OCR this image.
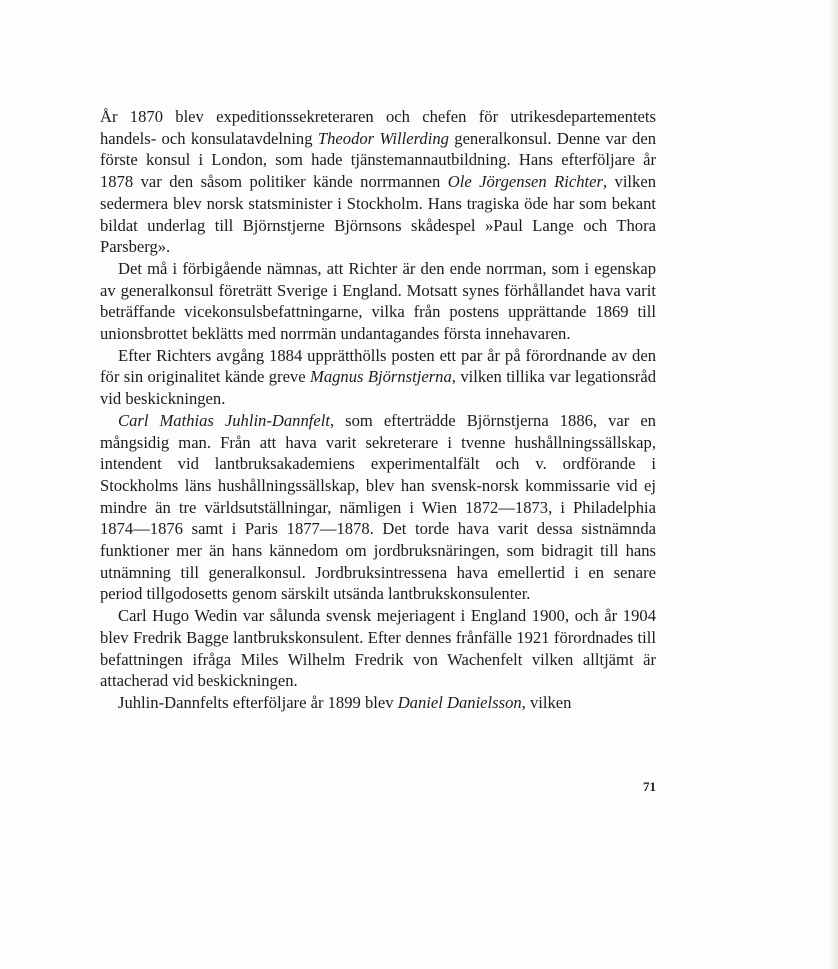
År 1870 blev expeditionssekreteraren och chefen för utrikesdepartementets handels- och konsulatavdelning Theodor Willerding generalkonsul. Denne var den förste konsul i London, som hade tjänstemannautbildning. Hans efterföljare år 1878 var den såsom politiker kände norrmannen Ole Jörgensen Richter, vilken sedermera blev norsk statsminister i Stockholm. Hans tragiska öde har som bekant bildat underlag till Björnstjerne Björnsons skådespel »Paul Lange och Thora Parsberg».

Det må i förbigående nämnas, att Richter är den ende norrman, som i egenskap av generalkonsul företrätt Sverige i England. Motsatt synes förhållandet hava varit beträffande vicekonsulsbefattningarne, vilka från postens upprättande 1869 till unionsbrottet beklätts med norrmän undantagandes första innehavaren.

Efter Richters avgång 1884 upprätthölls posten ett par år på förordnande av den för sin originalitet kände greve Magnus Björnstjerna, vilken tillika var legationsråd vid beskickningen.

Carl Mathias Juhlin-Dannfelt, som efterträdde Björnstjerna 1886, var en mångsidig man. Från att hava varit sekreterare i tvenne hushållningssällskap, intendent vid lantbruksakademiens experimentalfält och v. ordförande i Stockholms läns hushållningssällskap, blev han svensk-norsk kommissarie vid ej mindre än tre världsutställningar, nämligen i Wien 1872—1873, i Philadelphia 1874—1876 samt i Paris 1877—1878. Det torde hava varit dessa sistnämnda funktioner mer än hans kännedom om jordbruksnäringen, som bidragit till hans utnämning till generalkonsul. Jordbruksintressena hava emellertid i en senare period tillgodosetts genom särskilt utsända lantbrukskonsulenter.

Carl Hugo Wedin var sålunda svensk mejeriagent i England 1900, och år 1904 blev Fredrik Bagge lantbrukskonsulent. Efter dennes frånfälle 1921 förordnades till befattningen ifråga Miles Wilhelm Fredrik von Wachenfelt vilken alltjämt är attacherad vid beskickningen.

Juhlin-Dannfelts efterföljare år 1899 blev Daniel Danielsson, vilken

71
